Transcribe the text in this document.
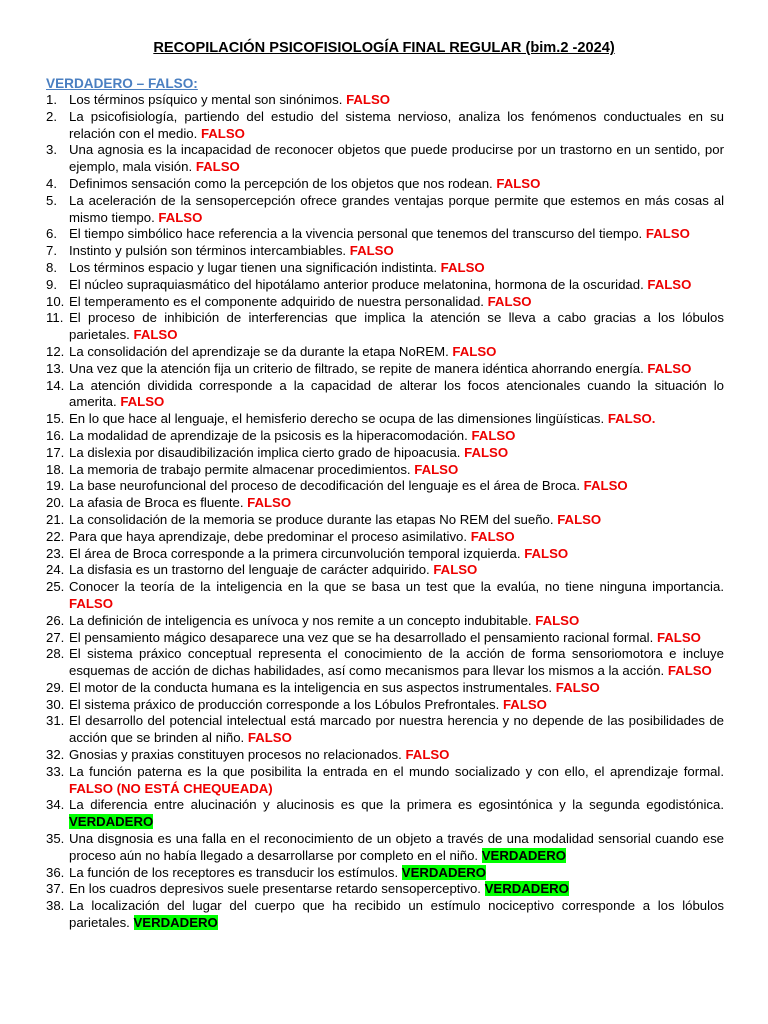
RECOPILACIÓN PSICOFISIOLOGÍA FINAL REGULAR (bim.2 -2024)
VERDADERO – FALSO:
1. Los términos psíquico y mental son sinónimos. FALSO
2. La psicofisiología, partiendo del estudio del sistema nervioso, analiza los fenómenos conductuales en su relación con el medio. FALSO
3. Una agnosia es la incapacidad de reconocer objetos que puede producirse por un trastorno en un sentido, por ejemplo, mala visión. FALSO
4. Definimos sensación como la percepción de los objetos que nos rodean. FALSO
5. La aceleración de la sensopercepción ofrece grandes ventajas porque permite que estemos en más cosas al mismo tiempo. FALSO
6. El tiempo simbólico hace referencia a la vivencia personal que tenemos del transcurso del tiempo. FALSO
7. Instinto y pulsión son términos intercambiables. FALSO
8. Los términos espacio y lugar tienen una significación indistinta. FALSO
9. El núcleo supraquiasmático del hipotálamo anterior produce melatonina, hormona de la oscuridad. FALSO
10. El temperamento es el componente adquirido de nuestra personalidad. FALSO
11. El proceso de inhibición de interferencias que implica la atención se lleva a cabo gracias a los lóbulos parietales. FALSO
12. La consolidación del aprendizaje se da durante la etapa NoREM. FALSO
13. Una vez que la atención fija un criterio de filtrado, se repite de manera idéntica ahorrando energía. FALSO
14. La atención dividida corresponde a la capacidad de alterar los focos atencionales cuando la situación lo amerita. FALSO
15. En lo que hace al lenguaje, el hemisferio derecho se ocupa de las dimensiones lingüísticas. FALSO.
16. La modalidad de aprendizaje de la psicosis es la hiperacomodación. FALSO
17. La dislexia por disaudibilización implica cierto grado de hipoacusia. FALSO
18. La memoria de trabajo permite almacenar procedimientos. FALSO
19. La base neurofuncional del proceso de decodificación del lenguaje es el área de Broca. FALSO
20. La afasia de Broca es fluente. FALSO
21. La consolidación de la memoria se produce durante las etapas No REM del sueño. FALSO
22. Para que haya aprendizaje, debe predominar el proceso asimilativo. FALSO
23. El área de Broca corresponde a la primera circunvolución temporal izquierda. FALSO
24. La disfasia es un trastorno del lenguaje de carácter adquirido. FALSO
25. Conocer la teoría de la inteligencia en la que se basa un test que la evalúa, no tiene ninguna importancia. FALSO
26. La definición de inteligencia es unívoca y nos remite a un concepto indubitable. FALSO
27. El pensamiento mágico desaparece una vez que se ha desarrollado el pensamiento racional formal. FALSO
28. El sistema práxico conceptual representa el conocimiento de la acción de forma sensoriomotora e incluye esquemas de acción de dichas habilidades, así como mecanismos para llevar los mismos a la acción. FALSO
29. El motor de la conducta humana es la inteligencia en sus aspectos instrumentales. FALSO
30. El sistema práxico de producción corresponde a los Lóbulos Prefrontales. FALSO
31. El desarrollo del potencial intelectual está marcado por nuestra herencia y no depende de las posibilidades de acción que se brinden al niño. FALSO
32. Gnosias y praxias constituyen procesos no relacionados. FALSO
33. La función paterna es la que posibilita la entrada en el mundo socializado y con ello, el aprendizaje formal. FALSO (NO ESTÁ CHEQUEADA)
34. La diferencia entre alucinación y alucinosis es que la primera es egosintónica y la segunda egodistónica. VERDADERO
35. Una disgnosia es una falla en el reconocimiento de un objeto a través de una modalidad sensorial cuando ese proceso aún no había llegado a desarrollarse por completo en el niño. VERDADERO
36. La función de los receptores es transducir los estímulos. VERDADERO
37. En los cuadros depresivos suele presentarse retardo sensoperceptivo. VERDADERO
38. La localización del lugar del cuerpo que ha recibido un estímulo nociceptivo corresponde a los lóbulos parietales. VERDADERO
